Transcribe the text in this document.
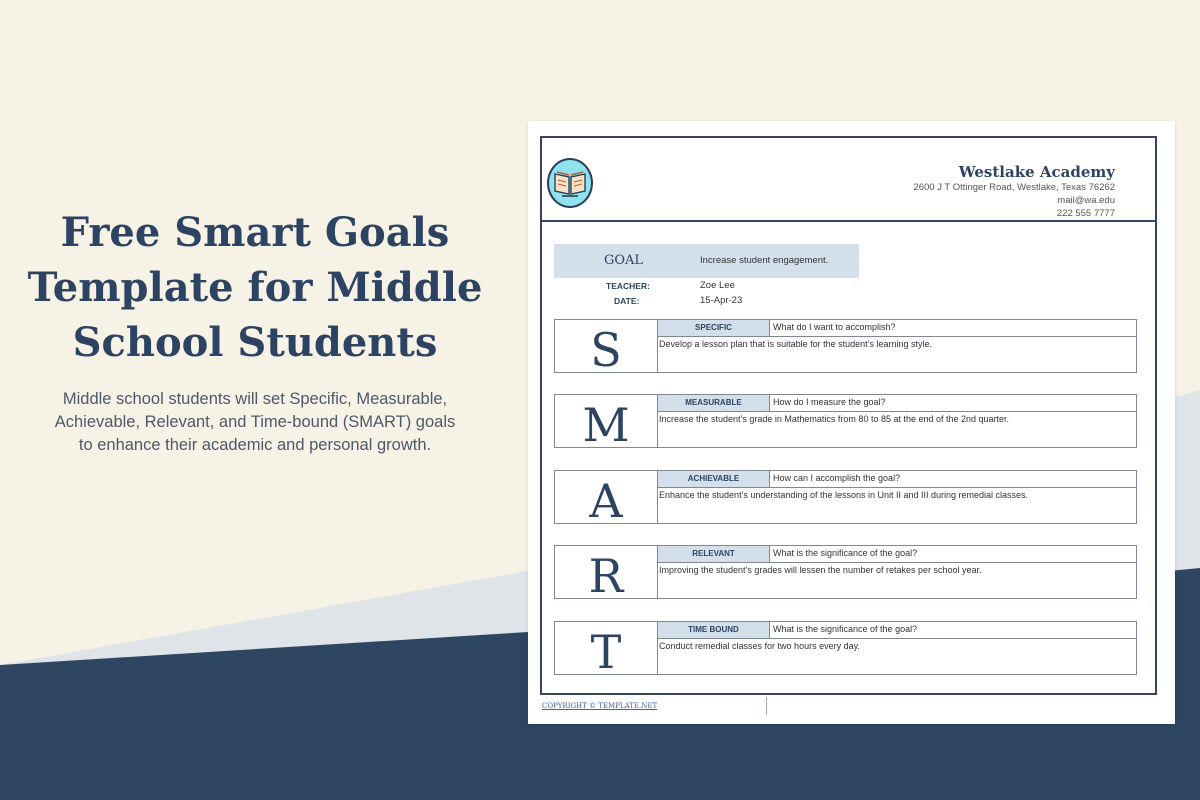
Free Smart Goals
Template for Middle
School Students

Middle school students will set Specific, Measurable,
Achievable, Relevant, and Time-bound (SMART) goals
to enhance their academic and personal growth.

Westlake Academy
2600 J T Ottinger Road, Westlake, Texas 76262
mail@wa.edu
222 555 7777
GOAL	Increase student engagement.
TEACHER:	Zoe Lee
DATE:	15-Apr-23
S	SPECIFIC	What do I want to accomplish?
Develop a lesson plan that is suitable for the student’s learning style.
M	MEASURABLE	How do I measure the goal?
Increase the student’s grade in Mathematics from 80 to 85 at the end of the 2nd quarter.
A	ACHIEVABLE	How can I accomplish the goal?
Enhance the student’s understanding of the lessons in Unit II and III during remedial classes.
R	RELEVANT	What is the significance of the goal?
Improving the student’s grades will lessen the number of retakes per school year.
T	TIME BOUND	What is the significance of the goal?
Conduct remedial classes for two hours every day.
COPYRIGHT © TEMPLATE.NET
